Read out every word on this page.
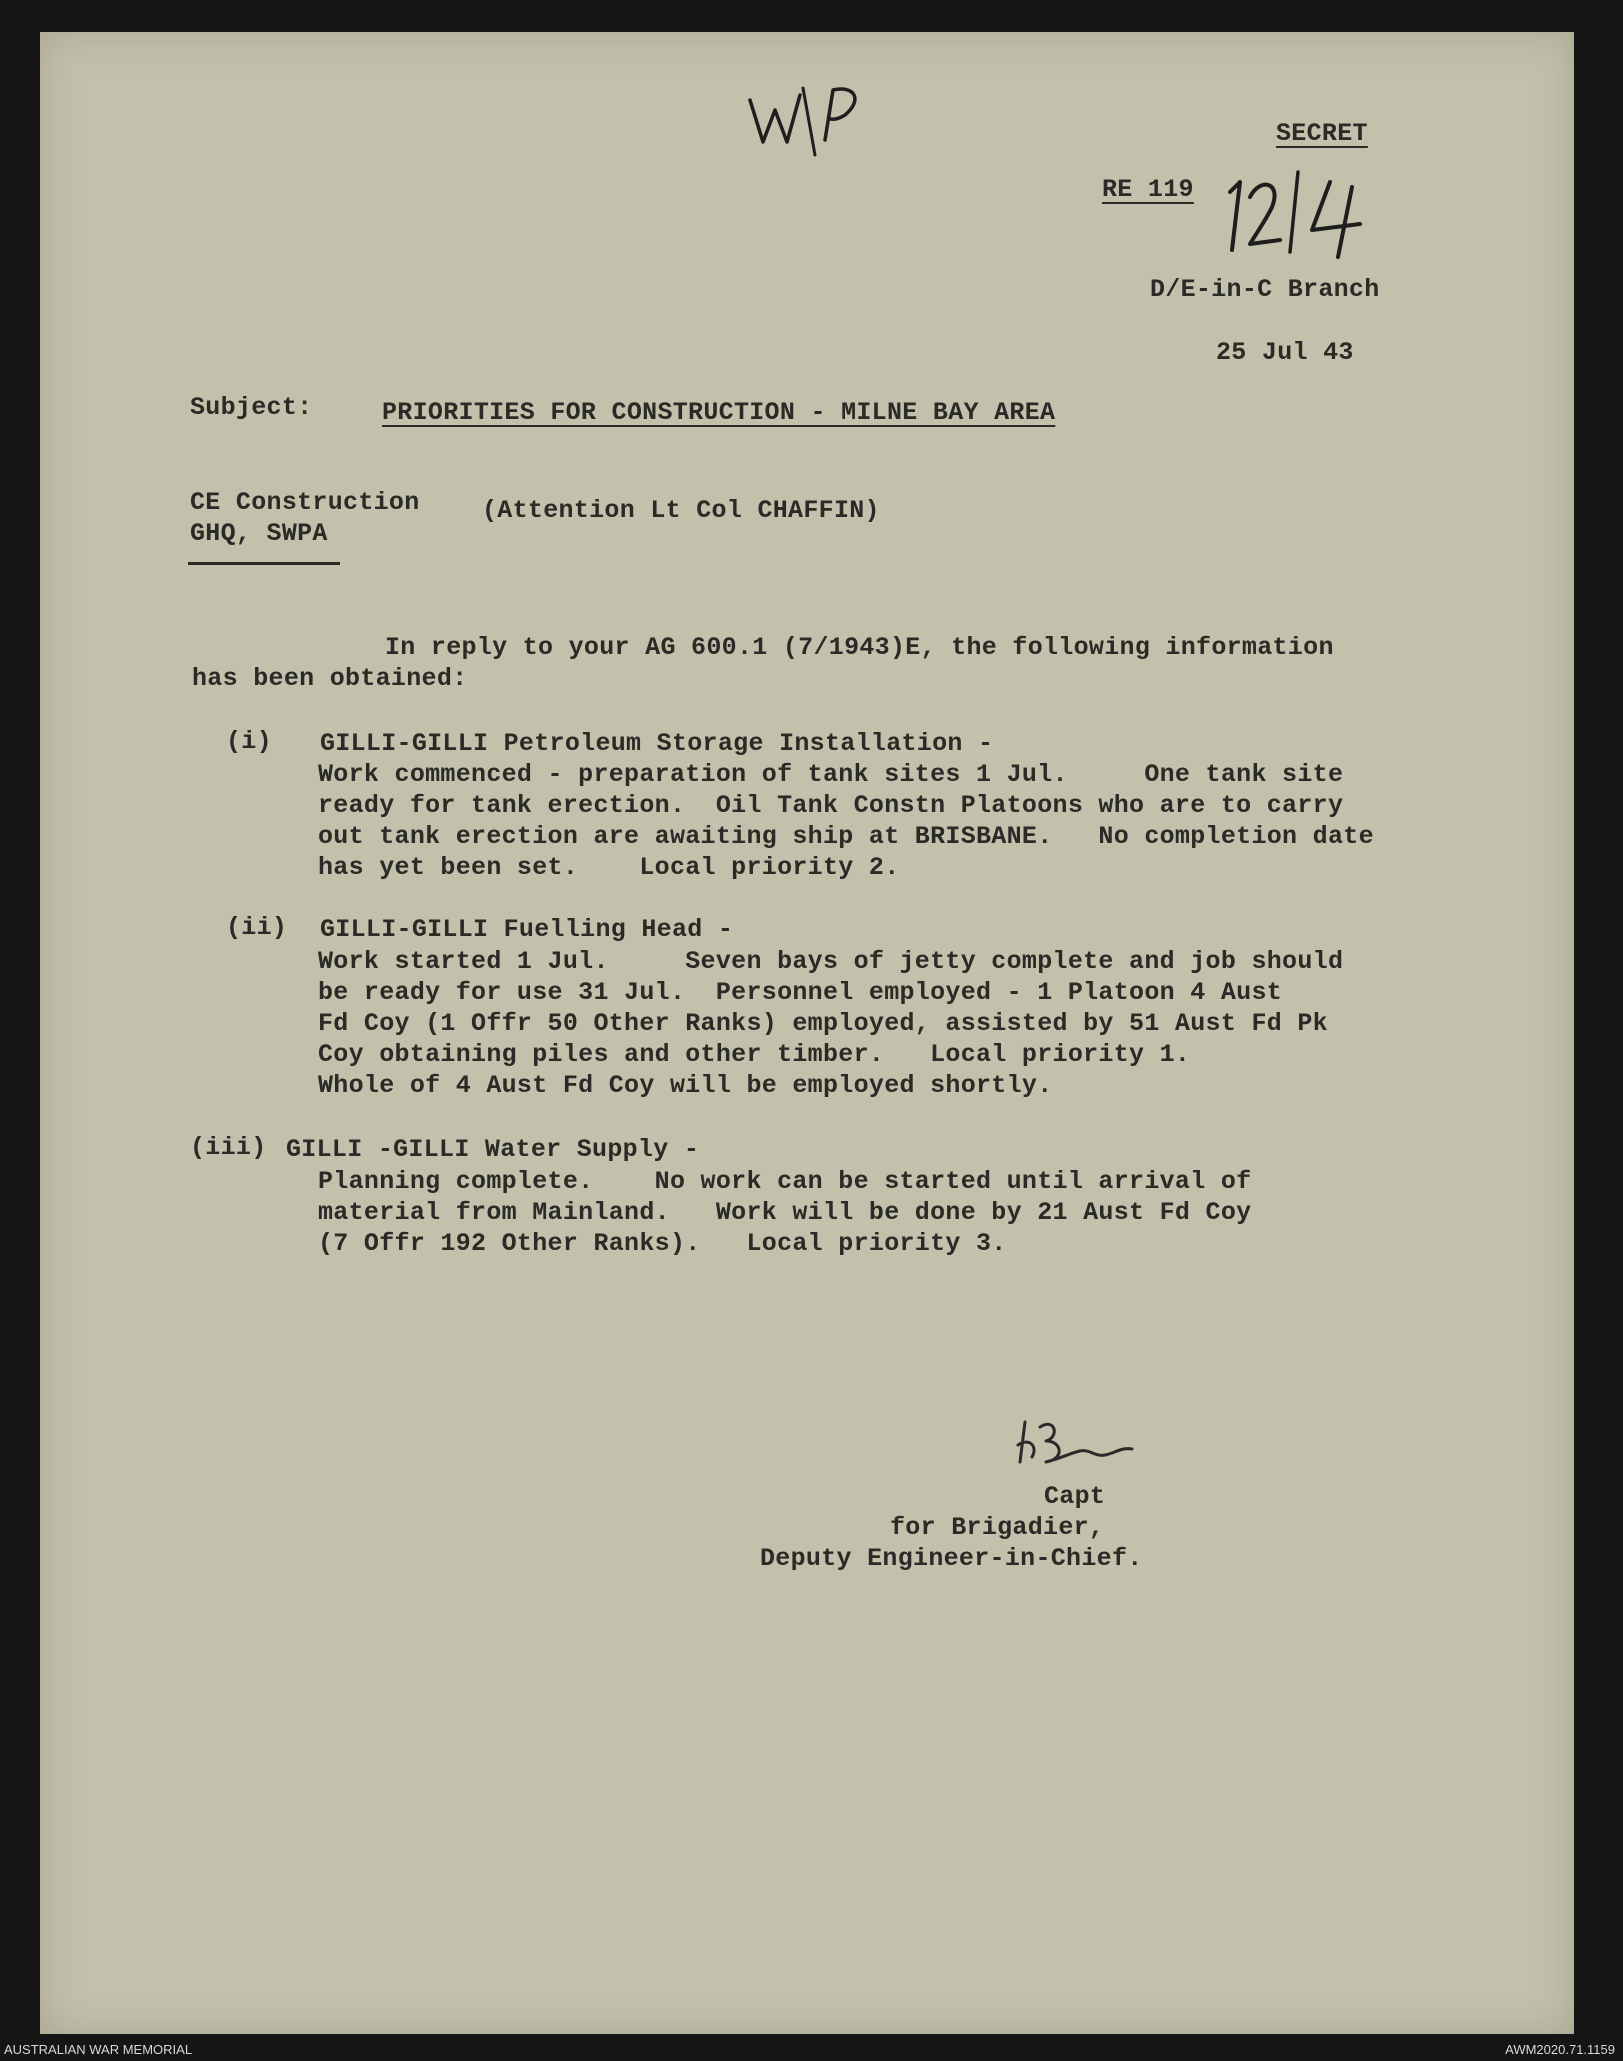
W/P
SECRET
RE 119
12/4
D/E-in-C Branch
25 Jul 43
Subject:	PRIORITIES FOR CONSTRUCTION - MILNE BAY AREA
CE Construction
GHQ, SWPA
(Attention Lt Col CHAFFIN)
In reply to your AG 600.1 (7/1943)E, the following information
has been obtained:
(i) GILLI-GILLI Petroleum Storage Installation -
Work commenced - preparation of tank sites 1 Jul.     One tank site
ready for tank erection.  Oil Tank Constn Platoons who are to carry
out tank erection are awaiting ship at BRISBANE.   No completion date
has yet been set.    Local priority 2.
(ii) GILLI-GILLI Fuelling Head -
Work started 1 Jul.     Seven bays of jetty complete and job should
be ready for use 31 Jul.  Personnel employed - 1 Platoon 4 Aust
Fd Coy (1 Offr 50 Other Ranks) employed, assisted by 51 Aust Fd Pk
Coy obtaining piles and other timber.   Local priority 1.
Whole of 4 Aust Fd Coy will be employed shortly.
(iii) GILLI -GILLI Water Supply -
Planning complete.    No work can be started until arrival of
material from Mainland.   Work will be done by 21 Aust Fd Coy
(7 Offr 192 Other Ranks).   Local priority 3.
Capt
for Brigadier,
Deputy Engineer-in-Chief.
AUSTRALIAN WAR MEMORIAL	AWM2020.71.1159
